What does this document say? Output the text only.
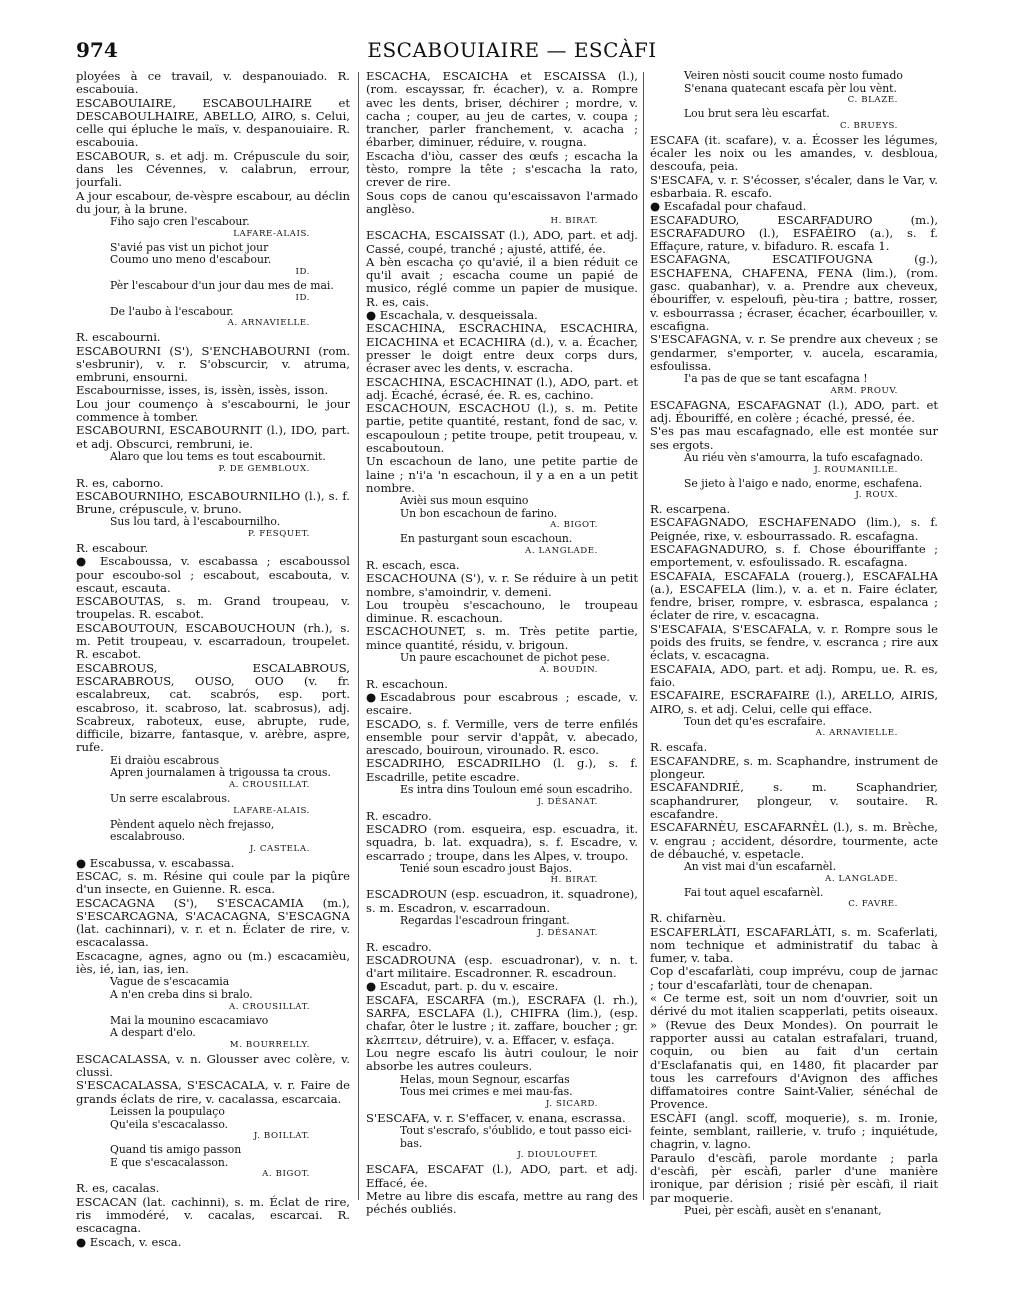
974	ESCABOUIAIRE — ESCÀFI

ployées à ce travail, v. despanouiado. R. escabouia.

ESCABOUIAIRE, ESCABOULHAIRE et DESCABOULHAIRE, ABELLO, AIRO, s. Celui, celle qui épluche le maïs, v. despanouiaire. R. escabouia.

ESCABOUR, s. et adj. m. Crépuscule du soir, dans les Cévennes, v. calabrun, errour, jourfali.

A jour escabour, de-vèspre escabour, au déclin du jour, à la brune.

Fiho sajo cren l'escabour.

LAFARE-ALAIS.

S'avié pas vist un pichot jour

Coumo uno meno d'escabour.

ID.

Pèr l'escabour d'un jour dau mes de mai.

ID.

De l'aubo à l'escabour.

A. ARNAVIELLE.

R. escabourni.

ESCABOURNI (S'), S'ENCHABOURNI (rom. s'esbrunir), v. r. S'obscurcir, v. atruma, embruni, ensourni.

Escabournisse, isses, is, issèn, issès, isson.

Lou jour coumenço à s'escabourni, le jour commence à tomber.

ESCABOURNI, ESCABOURNIT (l.), IDO, part. et adj. Obscurci, rembruni, ie.

Alaro que lou tems es tout escabournit.

P. DE GEMBLOUX.

R. es, caborno.

ESCABOURNIHO, ESCABOURNILHO (l.), s. f. Brune, crépuscule, v. bruno.

Sus lou tard, à l'escabournilho.

P. FESQUET.

R. escabour.

● Escaboussa, v. escabassa ; escaboussol pour escoubo-sol ; escabout, escabouta, v. escaut, escauta.

ESCABOUTAS, s. m. Grand troupeau, v. troupelas. R. escabot.

ESCABOUTOUN, ESCABOUCHOUN (rh.), s. m. Petit troupeau, v. escarradoun, troupelet. R. escabot.

ESCABROUS, ESCALABROUS, ESCARABROUS, OUSO, OUO (v. fr. escalabreux, cat. scabrós, esp. port. escabroso, it. scabroso, lat. scabrosus), adj. Scabreux, raboteux, euse, abrupte, rude, difficile, bizarre, fantasque, v. arèbre, aspre, rufe.

Ei draiòu escabrous

Apren journalamen à trigoussa ta crous.

A. CROUSILLAT.

Un serre escalabrous.

LAFARE-ALAIS.

Pèndent aquelo nèch frejasso, escalabrouso.

J. CASTELA.

● Escabussa, v. escabassa.

ESCAC, s. m. Résine qui coule par la piqûre d'un insecte, en Guienne. R. esca.

ESCACAGNA (S'), S'ESCACAMIA (m.), S'ESCARCAGNA, S'ACACAGNA, S'ESCAGNA (lat. cachinnari), v. r. et n. Éclater de rire, v. escacalassa.

Escacagne, agnes, agno ou (m.) escacamièu, iès, ié, ian, ias, ien.

Vague de s'escacamia

A n'en creba dins si bralo.

A. CROUSILLAT.

Mai la mounino escacamiavo

A despart d'elo.

M. BOURRELLY.

ESCACALASSA, v. n. Glousser avec colère, v. clussi.

S'ESCACALASSA, S'ESCACALA, v. r. Faire de grands éclats de rire, v. cacalassa, escarcaia.

Leissen la poupulaço

Qu'eila s'escacalasso.

J. BOILLAT.

Quand tis amigo passon

E que s'escacalasson.

A. BIGOT.

R. es, cacalas.

ESCACAN (lat. cachinni), s. m. Éclat de rire, ris immodéré, v. cacalas, escarcai. R. escacagna.

● Escach, v. esca.

ESCACHA, ESCAICHA et ESCAISSA (l.), (rom. escayssar, fr. écacher), v. a. Rompre avec les dents, briser, déchirer ; mordre, v. cacha ; couper, au jeu de cartes, v. coupa ; trancher, parler franchement, v. acacha ; ébarber, diminuer, réduire, v. rougna.

Escacha d'iòu, casser des œufs ; escacha la tèsto, rompre la tête ; s'escacha la rato, crever de rire.

Sous cops de canou qu'escaissavon l'armado anglèso.

H. BIRAT.

ESCACHA, ESCAISSAT (l.), ADO, part. et adj. Cassé, coupé, tranché ; ajusté, attifé, ée.

A bèn escacha ço qu'avié, il a bien réduit ce qu'il avait ; escacha coume un papié de musico, réglé comme un papier de musique. R. es, cais.

● Escachala, v. desqueissala.

ESCACHINA, ESCRACHINA, ESCACHIRA, EICACHINA et ECACHIRA (d.), v. a. Écacher, presser le doigt entre deux corps durs, écraser avec les dents, v. escracha.

ESCACHINA, ESCACHINAT (l.), ADO, part. et adj. Écaché, écrasé, ée. R. es, cachino.

ESCACHOUN, ESCACHOU (l.), s. m. Petite partie, petite quantité, restant, fond de sac, v. escapouloun ; petite troupe, petit troupeau, v. escaboutoun.

Un escachoun de lano, une petite partie de laine ; n'i'a 'n escachoun, il y a en a un petit nombre.

Avièi sus moun esquino

Un bon escachoun de farino.

A. BIGOT.

En pasturgant soun escachoun.

A. LANGLADE.

R. escach, esca.

ESCACHOUNA (S'), v. r. Se réduire à un petit nombre, s'amoindrir, v. demeni.

Lou troupèu s'escachouno, le troupeau diminue. R. escachoun.

ESCACHOUNET, s. m. Très petite partie, mince quantité, résidu, v. brigoun.

Un paure escachounet de pichot pese.

A. BOUDIN.

R. escachoun.

●Escadabrous pour escabrous ; escade, v. escaire.

ESCADO, s. f. Vermille, vers de terre enfilés ensemble pour servir d'appât, v. abecado, arescado, bouiroun, virounado. R. esco.

ESCADRIHO, ESCADRILHO (l. g.), s. f. Escadrille, petite escadre.

Es intra dins Touloun emé soun escadriho.

J. DÉSANAT.

R. escadro.

ESCADRO (rom. esqueira, esp. escuadra, it. squadra, b. lat. exquadra), s. f. Escadre, v. escarrado ; troupe, dans les Alpes, v. troupo.

Tenié soun escadro joust Bajos.

H. BIRAT.

ESCADROUN (esp. escuadron, it. squadrone), s. m. Escadron, v. escarradoun.

Regardas l'escadroun fringant.

J. DÉSANAT.

R. escadro.

ESCADROUNA (esp. escuadronar), v. n. t. d'art militaire. Escadronner. R. escadroun.

● Escadut, part. p. du v. escaire.

ESCAFA, ESCARFA (m.), ESCRAFA (l. rh.), SARFA, ESCLAFA (l.), CHIFRA (lim.), (esp. chafar, ôter le lustre ; it. zaffare, boucher ; gr. κλεπτειν, détruire), v. a. Effacer, v. esfaça.

Lou negre escafo lis àutri coulour, le noir absorbe les autres couleurs.

Helas, moun Segnour, escarfas

Tous mei crimes e mei mau-fas.

J. SICARD.

S'ESCAFA, v. r. S'effacer, v. enana, escrassa.

Tout s'escrafo, s'óublido, e tout passo eici-bas.

J. DIOULOUFET.

ESCAFA, ESCAFAT (l.), ADO, part. et adj. Effacé, ée.

Metre au libre dis escafa, mettre au rang des péchés oubliés.

Veiren nòsti soucit coume nosto fumado

S'enana quatecant escafa pèr lou vènt.

C. BLAZE.

Lou brut sera lèu escarfat.

C. BRUEYS.

ESCAFA (it. scafare), v. a. Écosser les légumes, écaler les noix ou les amandes, v. desbloua, descoufa, peia.

S'ESCAFA, v. r. S'écosser, s'écaler, dans le Var, v. esbarbaia. R. escafo.

● Escafadal pour chafaud.

ESCAFADURO, ESCARFADURO (m.), ESCRAFADURO (l.), ESFAÈIRO (a.), s. f. Effaçure, rature, v. bifaduro. R. escafa 1.

ESCAFAGNA, ESCATIFOUGNA (g.), ESCHAFENA, CHAFENA, FENA (lim.), (rom. gasc. quabanhar), v. a. Prendre aux cheveux, ébouriffer, v. espeloufi, pèu-tira ; battre, rosser, v. esbourrassa ; écraser, écacher, écarbouiller, v. escafigna.

S'ESCAFAGNA, v. r. Se prendre aux cheveux ; se gendarmer, s'emporter, v. aucela, escaramia, esfoulissa.

I'a pas de que se tant escafagna !

ARM. PROUV.

ESCAFAGNA, ESCAFAGNAT (l.), ADO, part. et adj. Ébouriffé, en colère ; écaché, pressé, ée.

S'es pas mau escafagnado, elle est montée sur ses ergots.

Au riéu vèn s'amourra, la tufo escafagnado.

J. ROUMANILLE.

Se jieto à l'aigo e nado, enorme, eschafena.

J. ROUX.

R. escarpena.

ESCAFAGNADO, ESCHAFENADO (lim.), s. f. Peignée, rixe, v. esbourrassado. R. escafagna.

ESCAFAGNADURO, s. f. Chose ébouriffante ; emportement, v. esfoulissado. R. escafagna.

ESCAFAIA, ESCAFALA (rouerg.), ESCAFALHA (a.), ESCAFELA (lim.), v. a. et n. Faire éclater, fendre, briser, rompre, v. esbrasca, espalanca ; éclater de rire, v. escacagna.

S'ESCAFAIA, S'ESCAFALA, v. r. Rompre sous le poids des fruits, se fendre, v. escranca ; rire aux éclats, v. escacagna.

ESCAFAIA, ADO, part. et adj. Rompu, ue. R. es, faio.

ESCAFAIRE, ESCRAFAIRE (l.), ARELLO, AIRIS, AIRO, s. et adj. Celui, celle qui efface.

Toun det qu'es escrafaire.

A. ARNAVIELLE.

R. escafa.

ESCAFANDRE, s. m. Scaphandre, instrument de plongeur.

ESCAFANDRIÉ, s. m. Scaphandrier, scaphandrurer, plongeur, v. soutaire. R. escafandre.

ESCAFARNÈU, ESCAFARNÈL (l.), s. m. Brèche, v. engrau ; accident, désordre, tourmente, acte de débauché, v. espetacle.

An vist mai d'un escafarnèl.

A. LANGLADE.

Fai tout aquel escafarnèl.

C. FAVRE.

R. chifarnèu.

ESCAFERLÀTI, ESCAFARLÀTI, s. m. Scaferlati, nom technique et administratif du tabac à fumer, v. taba.

Cop d'escafarlàti, coup imprévu, coup de jarnac ; tour d'escafarlàti, tour de chenapan.

« Ce terme est, soit un nom d'ouvrier, soit un dérivé du mot italien scapperlati, petits oiseaux. » (Revue des Deux Mondes). On pourrait le rapporter aussi au catalan estrafalari, truand, coquin, ou bien au fait d'un certain d'Esclafanatis qui, en 1480, fit placarder par tous les carrefours d'Avignon des affiches diffamatoires contre Saint-Valier, sénéchal de Provence.

ESCÀFI (angl. scoff, moquerie), s. m. Ironie, feinte, semblant, raillerie, v. trufo ; inquiétude, chagrin, v. lagno.

Paraulo d'escàfi, parole mordante ; parla d'escàfi, pèr escàfi, parler d'une manière ironique, par dérision ; risié pèr escàfi, il riait par moquerie.

Puei, pèr escàfi, ausèt en s'enanant,
